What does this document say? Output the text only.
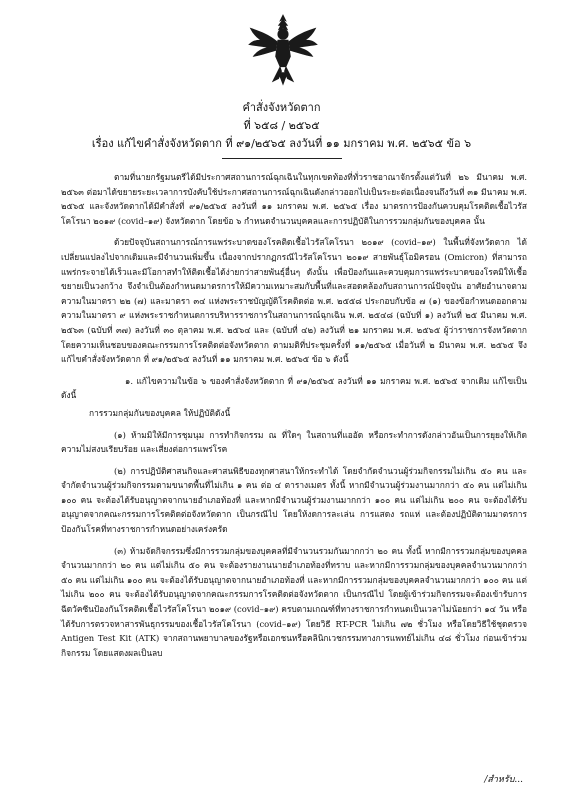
คำสั่งจังหวัดตาก
ที่ ๖๕๘ / ๒๕๖๕
เรื่อง แก้ไขคำสั่งจังหวัดตาก ที่ ๙๑/๒๕๖๕ ลงวันที่ ๑๑ มกราคม พ.ศ. ๒๕๖๕ ข้อ ๖

ตามที่นายกรัฐมนตรีได้มีประกาศสถานการณ์ฉุกเฉินในทุกเขตท้องที่ทั่วราชอาณาจักรตั้งแต่วันที่ ๒๖ มีนาคม พ.ศ. ๒๕๖๓ ต่อมาได้ขยายระยะเวลาการบังคับใช้ประกาศสถานการณ์ฉุกเฉินดังกล่าวออกไปเป็นระยะต่อเนื่องจนถึงวันที่ ๓๑ มีนาคม พ.ศ. ๒๕๖๕ และจังหวัดตากได้มีคำสั่งที่ ๙๑/๒๕๖๕ ลงวันที่ ๑๑ มกราคม พ.ศ. ๒๕๖๕ เรื่อง มาตรการป้องกันควบคุมโรคติดเชื้อไวรัสโคโรนา ๒๐๑๙ (covid–๑๙) จังหวัดตาก โดยข้อ ๖ กำหนดจำนวนบุคคลและการปฏิบัติในการรวมกลุ่มกันของบุคคล นั้น

ด้วยปัจจุบันสถานการณ์การแพร่ระบาดของโรคติดเชื้อไวรัสโคโรนา ๒๐๑๙ (covid–๑๙) ในพื้นที่จังหวัดตาก ได้เปลี่ยนแปลงไปจากเดิมและมีจำนวนเพิ่มขึ้น เนื่องจากปรากฏกรณีไวรัสโคโรนา ๒๐๑๙ สายพันธุ์โอมิครอน (Omicron) ที่สามารถแพร่กระจายได้เร็วและมีโอกาสทำให้ติดเชื้อได้ง่ายกว่าสายพันธุ์อื่นๆ ดังนั้น เพื่อป้องกันและควบคุมการแพร่ระบาดของโรคมิให้เชื้อขยายเป็นวงกว้าง จึงจำเป็นต้องกำหนดมาตรการให้มีความเหมาะสมกับพื้นที่และสอดคล้องกับสถานการณ์ปัจจุบัน อาศัยอำนาจตามความในมาตรา ๒๒ (๗) และมาตรา ๓๔ แห่งพระราชบัญญัติโรคติดต่อ พ.ศ. ๒๕๕๘ ประกอบกับข้อ ๗ (๑) ของข้อกำหนดออกตามความในมาตรา ๙ แห่งพระราชกำหนดการบริหารราชการในสถานการณ์ฉุกเฉิน พ.ศ. ๒๕๔๘ (ฉบับที่ ๑) ลงวันที่ ๒๕ มีนาคม พ.ศ. ๒๕๖๓ (ฉบับที่ ๓๗) ลงวันที่ ๓๐ ตุลาคม พ.ศ. ๒๕๖๔ และ (ฉบับที่ ๔๒) ลงวันที่ ๒๑ มกราคม พ.ศ. ๒๕๖๕ ผู้ว่าราชการจังหวัดตากโดยความเห็นชอบของคณะกรรมการโรคติดต่อจังหวัดตาก ตามมติที่ประชุมครั้งที่ ๑๑/๒๕๖๕ เมื่อวันที่ ๒ มีนาคม พ.ศ. ๒๕๖๕ จึงแก้ไขคำสั่งจังหวัดตาก ที่ ๙๑/๒๕๖๕ ลงวันที่ ๑๑ มกราคม พ.ศ. ๒๕๖๕ ข้อ ๖ ดังนี้

๑. แก้ไขความในข้อ ๖ ของคำสั่งจังหวัดตาก ที่ ๙๑/๒๕๖๕ ลงวันที่ ๑๑ มกราคม พ.ศ. ๒๕๖๕ จากเดิม แก้ไขเป็นดังนี้

การรวมกลุ่มกันของบุคคล ให้ปฏิบัติดังนี้

(๑) ห้ามมิให้มีการชุมนุม การทำกิจกรรม ณ ที่ใดๆ ในสถานที่แออัด หรือกระทำการดังกล่าวอันเป็นการยุยงให้เกิดความไม่สงบเรียบร้อย และเสี่ยงต่อการแพร่โรค

(๒) การปฏิบัติศาสนกิจและศาสนพิธีของทุกศาสนาให้กระทำได้ โดยจำกัดจำนวนผู้ร่วมกิจกรรมไม่เกิน ๕๐ คน และจำกัดจำนวนผู้ร่วมกิจกรรมตามขนาดพื้นที่ไม่เกิน ๑ คน ต่อ ๔ ตารางเมตร ทั้งนี้ หากมีจำนวนผู้ร่วมงานมากกว่า ๕๐ คน แต่ไม่เกิน ๑๐๐ คน จะต้องได้รับอนุญาตจากนายอำเภอท้องที่ และหากมีจำนวนผู้ร่วมงานมากกว่า ๑๐๐ คน แต่ไม่เกิน ๒๐๐ คน จะต้องได้รับอนุญาตจากคณะกรรมการโรคติดต่อจังหวัดตาก เป็นกรณีไป โดยให้งดการละเล่น การแสดง รถแห่ และต้องปฏิบัติตามมาตรการป้องกันโรคที่ทางราชการกำหนดอย่างเคร่งครัด

(๓) ห้ามจัดกิจกรรมซึ่งมีการรวมกลุ่มของบุคคลที่มีจำนวนรวมกันมากกว่า ๒๐ คน ทั้งนี้ หากมีการรวมกลุ่มของบุคคลจำนวนมากกว่า ๒๐ คน แต่ไม่เกิน ๕๐ คน จะต้องรายงานนายอำเภอท้องที่ทราบ และหากมีการรวมกลุ่มของบุคคลจำนวนมากกว่า ๕๐ คน แต่ไม่เกิน ๑๐๐ คน จะต้องได้รับอนุญาตจากนายอำเภอท้องที่ และหากมีการรวมกลุ่มของบุคคลจำนวนมากกว่า ๑๐๐ คน แต่ไม่เกิน ๒๐๐ คน จะต้องได้รับอนุญาตจากคณะกรรมการโรคติดต่อจังหวัดตาก เป็นกรณีไป โดยผู้เข้าร่วมกิจกรรมจะต้องเข้ารับการฉีดวัคซีนป้องกันโรคติดเชื้อไวรัสโคโรนา ๒๐๑๙ (covid–๑๙) ครบตามเกณฑ์ที่ทางราชการกำหนดเป็นเวลาไม่น้อยกว่า ๑๔ วัน หรือได้รับการตรวจหาสารพันธุกรรมของเชื้อไวรัสโคโรนา (covid–๑๙) โดยวิธี RT-PCR ไม่เกิน ๗๒ ชั่วโมง หรือโดยวิธีใช้ชุดตรวจ Antigen Test Kit (ATK) จากสถานพยาบาลของรัฐหรือเอกชนหรือคลินิกเวชกรรมทางการแพทย์ไม่เกิน ๔๘ ชั่วโมง ก่อนเข้าร่วมกิจกรรม โดยแสดงผลเป็นลบ

/สำหรับ...
